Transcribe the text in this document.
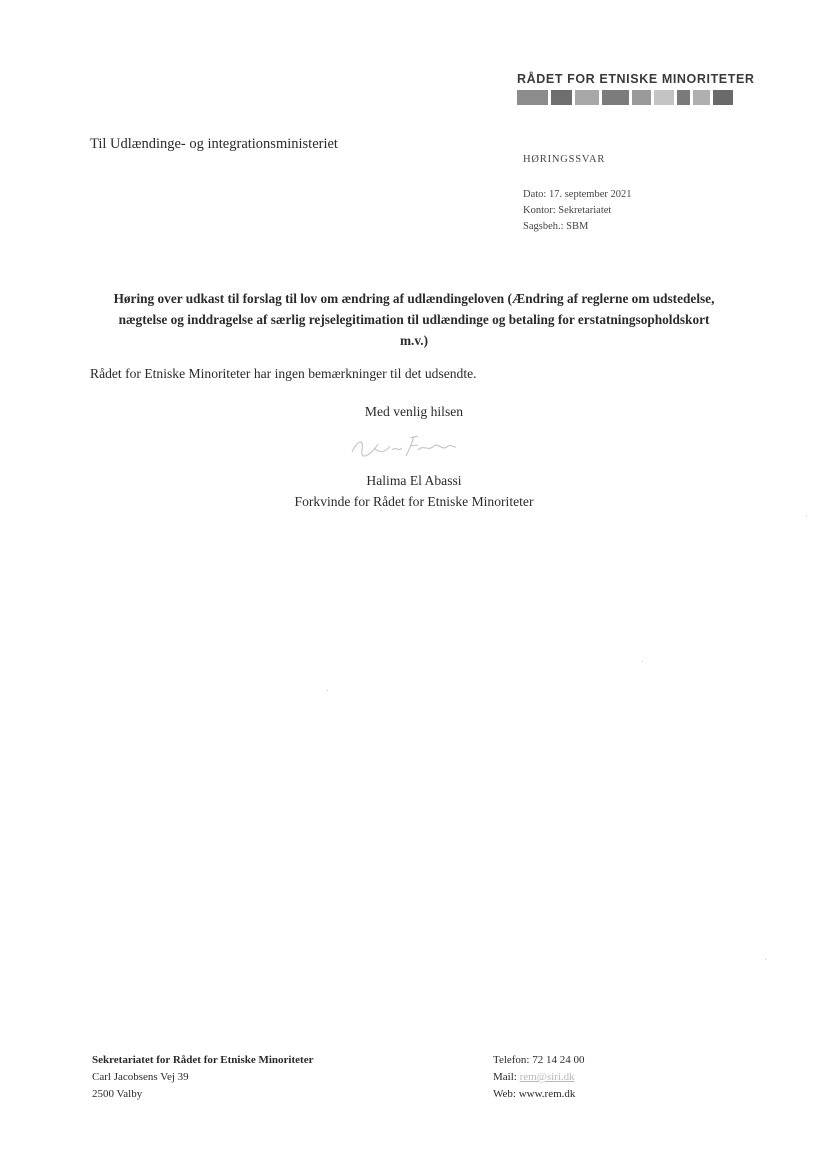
RÅDET FOR ETNISKE MINORITETER
Til Udlændinge- og integrationsministeriet
HØRINGSSVAR
Dato: 17. september 2021
Kontor: Sekretariatet
Sagsbeh.: SBM
Høring over udkast til forslag til lov om ændring af udlændingeloven (Ændring af reglerne om udstedelse, nægtelse og inddragelse af særlig rejselegitimation til udlændinge og betaling for erstatningsopholdskort m.v.)
Rådet for Etniske Minoriteter har ingen bemærkninger til det udsendte.
Med venlig hilsen
Halima El Abassi
Forkvinde for Rådet for Etniske Minoriteter
Sekretariatet for Rådet for Etniske Minoriteter
Carl Jacobsens Vej 39
2500 Valby
Telefon: 72 14 24 00
Mail: rem@siri.dk
Web: www.rem.dk
